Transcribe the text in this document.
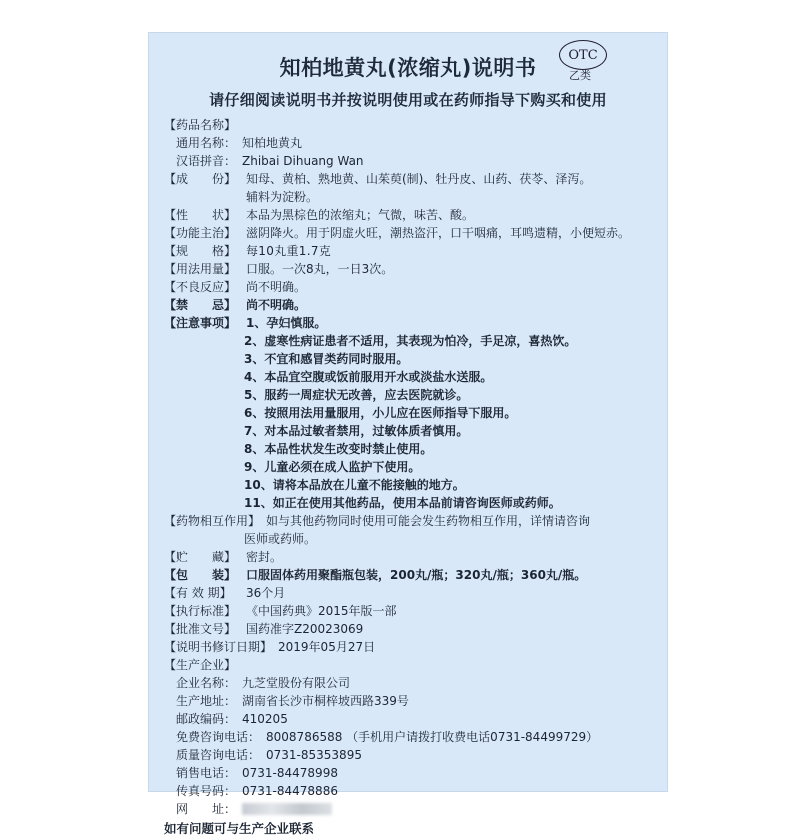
知柏地黄丸(浓缩丸)说明书
OTC
乙类
请仔细阅读说明书并按说明使用或在药师指导下购买和使用
【药品名称】
通用名称： 知柏地黄丸
汉语拼音： Zhibai Dihuang Wan
【成　　份】 知母、黄柏、熟地黄、山茱萸(制)、牡丹皮、山药、茯苓、泽泻。
辅料为淀粉。
【性　　状】 本品为黑棕色的浓缩丸；气微，味苦、酸。
【功能主治】 滋阴降火。用于阴虚火旺，潮热盗汗，口干咽痛，耳鸣遗精，小便短赤。
【规　　格】 每10丸重1.7克
【用法用量】 口服。一次8丸，一日3次。
【不良反应】 尚不明确。
【禁　　忌】 尚不明确。
【注意事项】 1、孕妇慎服。
2、虚寒性病证患者不适用，其表现为怕冷，手足凉，喜热饮。
3、不宜和感冒类药同时服用。
4、本品宜空腹或饭前服用开水或淡盐水送服。
5、服药一周症状无改善，应去医院就诊。
6、按照用法用量服用，小儿应在医师指导下服用。
7、对本品过敏者禁用，过敏体质者慎用。
8、本品性状发生改变时禁止使用。
9、儿童必须在成人监护下使用。
10、请将本品放在儿童不能接触的地方。
11、如正在使用其他药品，使用本品前请咨询医师或药师。
【药物相互作用】 如与其他药物同时使用可能会发生药物相互作用，详情请咨询
医师或药师。
【贮　　藏】 密封。
【包　　装】 口服固体药用聚酯瓶包装，200丸/瓶；320丸/瓶；360丸/瓶。
【有 效 期】	36个月
【执行标准】 《中国药典》2015年版一部
【批准文号】 国药准字Z20023069
【说明书修订日期】 2019年05月27日
【生产企业】
企业名称： 九芝堂股份有限公司
生产地址： 湖南省长沙市桐梓坡西路339号
邮政编码： 410205
免费咨询电话： 8008786588 （手机用户请拨打收费电话0731-84499729）
质量咨询电话： 0731-85353895
销售电话： 0731-84478998
传真号码： 0731-84478886
网　　址：
如有问题可与生产企业联系
